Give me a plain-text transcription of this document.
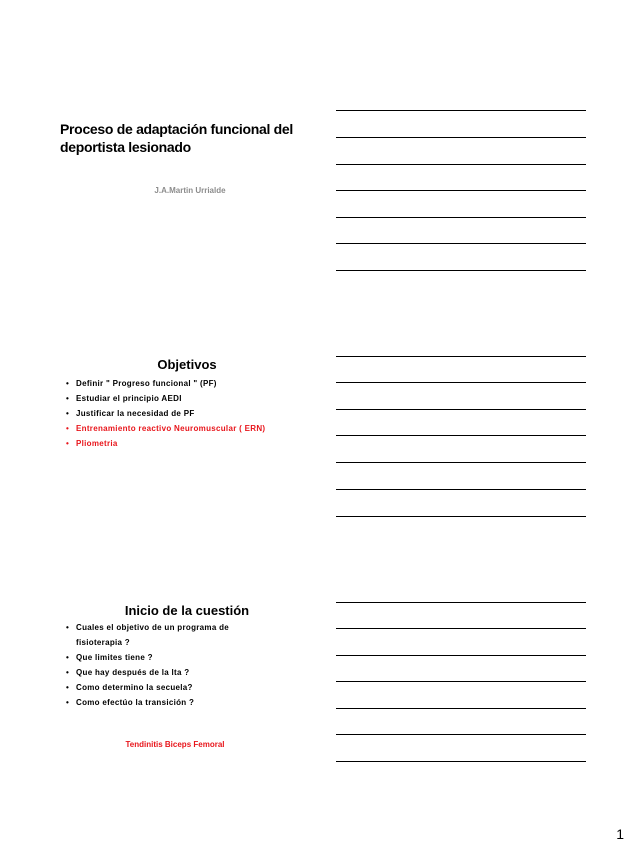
Proceso de adaptación funcional del deportista lesionado
J.A.Martin Urrialde
Objetivos
• Definir " Progreso funcional " (PF)
• Estudiar el principio AEDI
• Justificar la necesidad de PF
• Entrenamiento reactivo Neuromuscular ( ERN)
• Pliometria
Inicio de la cuestión
• Cuales el objetivo de un programa de fisioterapia ?
• Que limites tiene ?
• Que hay después de la lta ?
• Como determino la secuela?
• Como efectúo la transición ?
Tendinitis Biceps Femoral
1
